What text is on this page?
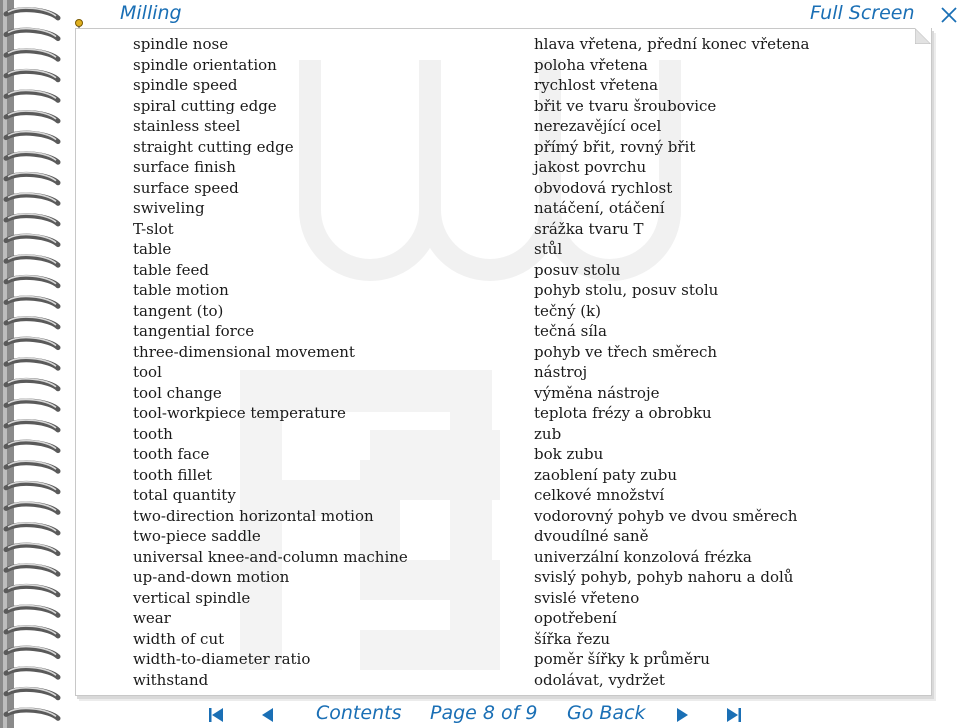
Milling	Full Screen
spindle nose
spindle orientation
spindle speed
spiral cutting edge
stainless steel
straight cutting edge
surface finish
surface speed
swiveling
T-slot
table
table feed
table motion
tangent (to)
tangential force
three-dimensional movement
tool
tool change
tool-workpiece temperature
tooth
tooth face
tooth fillet
total quantity
two-direction horizontal motion
two-piece saddle
universal knee-and-column machine
up-and-down motion
vertical spindle
wear
width of cut
width-to-diameter ratio
withstand
hlava vřetena, přední konec vřetena
poloha vřetena
rychlost vřetena
břit ve tvaru šroubovice
nerezavějící ocel
přímý břit, rovný břit
jakost povrchu
obvodová rychlost
natáčení, otáčení
srážka tvaru T
stůl
posuv stolu
pohyb stolu, posuv stolu
tečný (k)
tečná síla
pohyb ve třech směrech
nástroj
výměna nástroje
teplota frézy a obrobku
zub
bok zubu
zaoblení paty zubu
celkové množství
vodorovný pohyb ve dvou směrech
dvoudílné saně
univerzální konzolová frézka
svislý pohyb, pohyb nahoru a dolů
svislé vřeteno
opotřebení
šířka řezu
poměr šířky k průměru
odolávat, vydržet
Contents Page 8 of 9 Go Back
